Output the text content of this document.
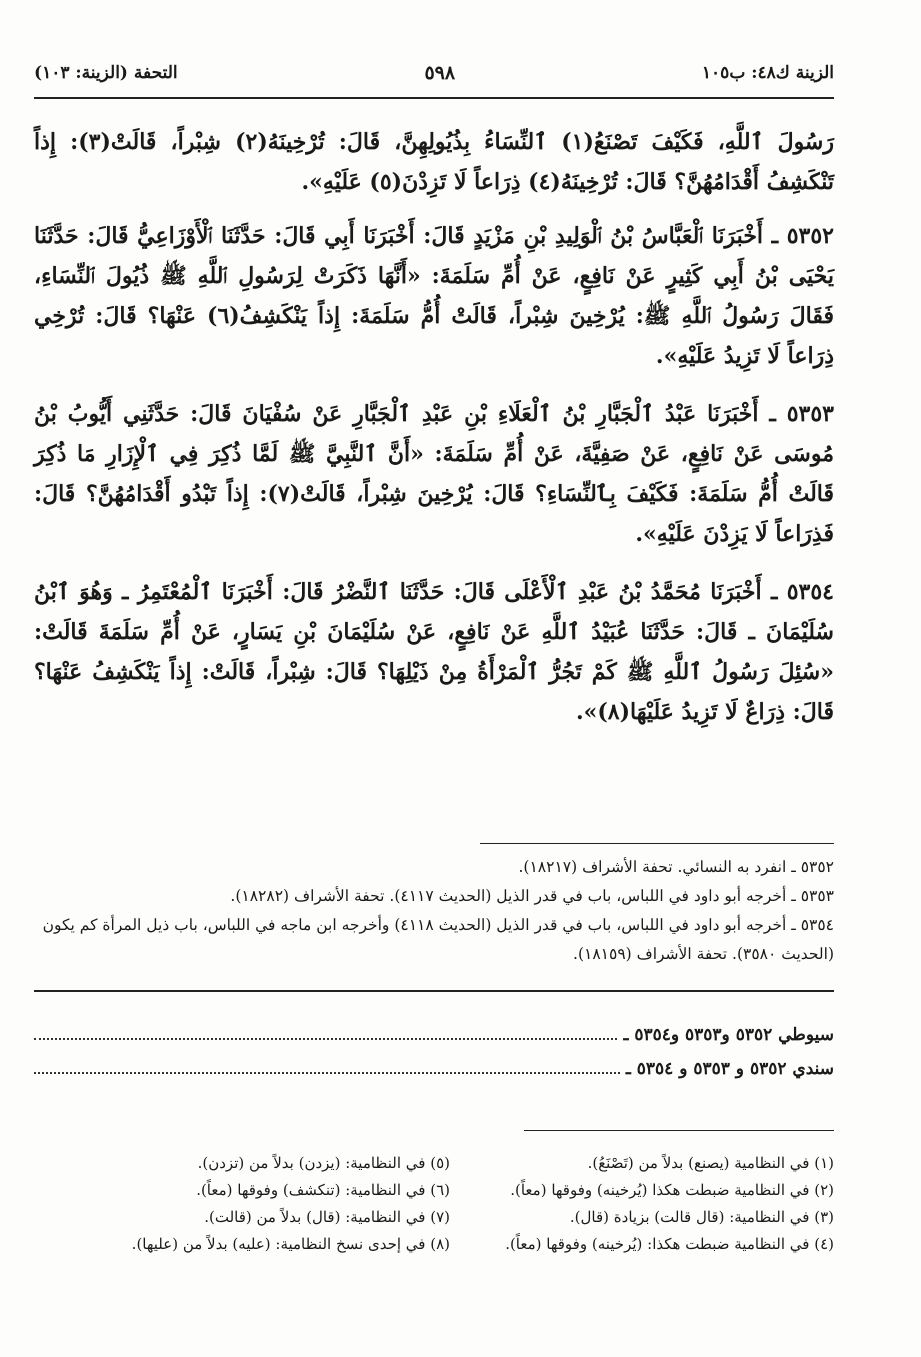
الزينة ك٤٨: ب١٠٥
٥٩٨
التحفة (الزينة: ١٠٣)

رَسُولَ ٱللَّهِ، فَكَيْفَ تَصْنَعُ(١) ٱلنِّسَاءُ بِذُيُولِهِنَّ، قَالَ: تُرْخِينَهُ(٢) شِبْراً، قَالَتْ(٣): إِذاً تَنْكَشِفُ أَقْدَامُهُنَّ؟ قَالَ: تُرْخِينَهُ(٤) ذِرَاعاً لَا تَزِدْنَ(٥) عَلَيْهِ».

٥٣٥٢ ـ أَخْبَرَنَا ٱلْعَبَّاسُ بْنُ ٱلْوَلِيدِ بْنِ مَزْيَدٍ قَالَ: أَخْبَرَنَا أَبِي قَالَ: حَدَّثَنَا ٱلْأَوْزَاعِيُّ قَالَ: حَدَّثَنَا يَحْيَى بْنُ أَبِي كَثِيرٍ عَنْ نَافِعٍ، عَنْ أُمِّ سَلَمَةَ: «أَنَّهَا ذَكَرَتْ لِرَسُولِ ٱللَّهِ ﷺ ذُيُولَ ٱلنِّسَاءِ، فَقَالَ رَسُولُ ٱللَّهِ ﷺ: يُرْخِينَ شِبْراً، قَالَتْ أُمُّ سَلَمَةَ: إِذاً يَنْكَشِفُ(٦) عَنْهَا؟ قَالَ: تُرْخِي ذِرَاعاً لَا تَزِيدُ عَلَيْهِ».

٥٣٥٣ ـ أَخْبَرَنَا عَبْدُ ٱلْجَبَّارِ بْنُ ٱلْعَلَاءِ بْنِ عَبْدِ ٱلْجَبَّارِ عَنْ سُفْيَانَ قَالَ: حَدَّثَنِي أَيُّوبُ بْنُ مُوسَى عَنْ نَافِعٍ، عَنْ صَفِيَّةَ، عَنْ أُمِّ سَلَمَةَ: «أَنَّ ٱلنَّبِيَّ ﷺ لَمَّا ذُكِرَ فِي ٱلْإِزَارِ مَا ذُكِرَ قَالَتْ أُمُّ سَلَمَةَ: فَكَيْفَ بِٱلنِّسَاءِ؟ قَالَ: يُرْخِينَ شِبْراً، قَالَتْ(٧): إِذاً تَبْدُو أَقْدَامُهُنَّ؟ قَالَ: فَذِرَاعاً لَا يَزِدْنَ عَلَيْهِ».

٥٣٥٤ ـ أَخْبَرَنَا مُحَمَّدُ بْنُ عَبْدِ ٱلْأَعْلَى قَالَ: حَدَّثَنَا ٱلنَّضْرُ قَالَ: أَخْبَرَنَا ٱلْمُعْتَمِرُ ـ وَهُوَ ٱبْنُ سُلَيْمَانَ ـ قَالَ: حَدَّثَنَا عُبَيْدُ ٱللَّهِ عَنْ نَافِعٍ، عَنْ سُلَيْمَانَ بْنِ يَسَارٍ، عَنْ أُمِّ سَلَمَةَ قَالَتْ: «سُئِلَ رَسُولُ ٱللَّهِ ﷺ كَمْ تَجُرُّ ٱلْمَرْأَةُ مِنْ ذَيْلِهَا؟ قَالَ: شِبْراً، قَالَتْ: إِذاً يَنْكَشِفُ عَنْهَا؟ قَالَ: ذِرَاعٌ لَا تَزِيدُ عَلَيْهَا(٨)».

٥٣٥٢ ـ انفرد به النسائي. تحفة الأشراف (١٨٢١٧).

٥٣٥٣ ـ أخرجه أبو داود في اللباس، باب في قدر الذيل (الحديث ٤١١٧). تحفة الأشراف (١٨٢٨٢).

٥٣٥٤ ـ أخرجه أبو داود في اللباس، باب في قدر الذيل (الحديث ٤١١٨) وأخرجه ابن ماجه في اللباس، باب ذيل المرأة كم يكون (الحديث ٣٥٨٠). تحفة الأشراف (١٨١٥٩).

سيوطي ٥٣٥٢ و٥٣٥٣ و٥٣٥٤ ـ
سندي ٥٣٥٢ و ٥٣٥٣ و ٥٣٥٤ ـ

(١) في النظامية (يصنع) بدلاً من (تَصْنَعُ).

(٢) في النظامية ضبطت هكذا (يُرخينه) وفوقها (معاً).

(٣) في النظامية: (قال قالت) بزيادة (قال).

(٤) في النظامية ضبطت هكذا: (يُرخينه) وفوقها (معاً).

(٥) في النظامية: (يزدن) بدلاً من (تزدن).

(٦) في النظامية: (تنكشف) وفوقها (معاً).

(٧) في النظامية: (قال) بدلاً من (قالت).

(٨) في إحدى نسخ النظامية: (عليه) بدلاً من (عليها).
